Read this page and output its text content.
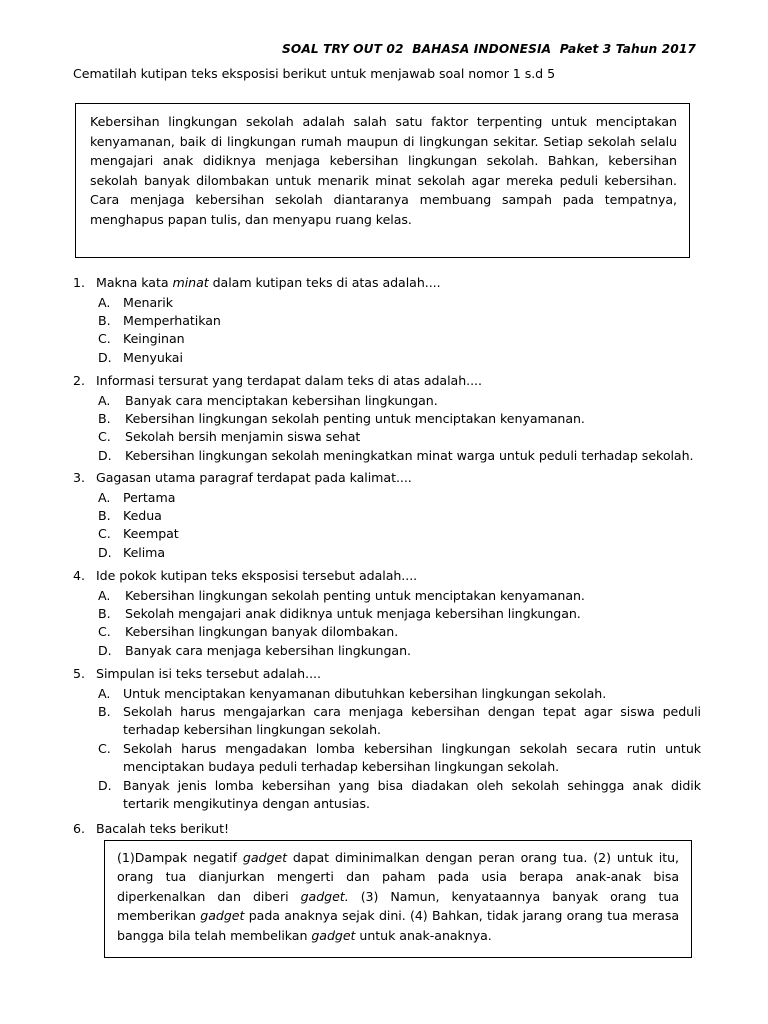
SOAL TRY OUT 02  BAHASA INDONESIA  Paket 3 Tahun 2017
Cematilah kutipan teks eksposisi berikut untuk menjawab soal nomor 1 s.d 5
Kebersihan lingkungan sekolah adalah salah satu faktor terpenting untuk menciptakan kenyamanan, baik di lingkungan rumah maupun di lingkungan sekitar. Setiap sekolah selalu mengajari anak didiknya menjaga kebersihan lingkungan sekolah. Bahkan, kebersihan sekolah banyak dilombakan untuk menarik minat sekolah agar mereka peduli kebersihan. Cara menjaga kebersihan sekolah diantaranya membuang sampah pada tempatnya, menghapus papan tulis, dan menyapu ruang kelas.
1. Makna kata minat dalam kutipan teks di atas adalah....
A.	Menarik
B. Memperhatikan
C. Keinginan
D. Menyukai
2. Informasi tersurat yang terdapat dalam teks di atas adalah....
A.	Banyak cara menciptakan kebersihan lingkungan.
B.	Kebersihan lingkungan sekolah penting untuk menciptakan kenyamanan.
C.	Sekolah bersih menjamin siswa sehat
D.	Kebersihan lingkungan sekolah meningkatkan minat warga untuk peduli terhadap sekolah.
3. Gagasan utama paragraf terdapat pada kalimat....
A.	Pertama
B. Kedua
C. Keempat
D. Kelima
4. Ide pokok kutipan teks eksposisi tersebut adalah....
A.	Kebersihan lingkungan sekolah penting untuk menciptakan kenyamanan.
B.	Sekolah mengajari anak didiknya untuk menjaga kebersihan lingkungan.
C.	Kebersihan lingkungan banyak dilombakan.
D.	Banyak cara menjaga kebersihan lingkungan.
5. Simpulan isi teks tersebut adalah....
A.	Untuk menciptakan kenyamanan dibutuhkan kebersihan lingkungan sekolah.
B. Sekolah harus mengajarkan cara menjaga kebersihan dengan tepat agar siswa peduli terhadap kebersihan lingkungan sekolah.
C. Sekolah harus mengadakan lomba kebersihan lingkungan sekolah secara rutin untuk menciptakan budaya peduli terhadap kebersihan lingkungan sekolah.
D. Banyak jenis lomba kebersihan yang bisa diadakan oleh sekolah sehingga anak didik tertarik mengikutinya dengan antusias.
6. Bacalah teks berikut!
(1)Dampak negatif gadget dapat diminimalkan dengan peran orang tua. (2) untuk itu, orang tua dianjurkan mengerti dan paham pada usia berapa anak-anak bisa diperkenalkan dan diberi gadget. (3) Namun, kenyataannya banyak orang tua memberikan gadget pada anaknya sejak dini. (4) Bahkan, tidak jarang orang tua merasa bangga bila telah membelikan gadget untuk anak-anaknya.
